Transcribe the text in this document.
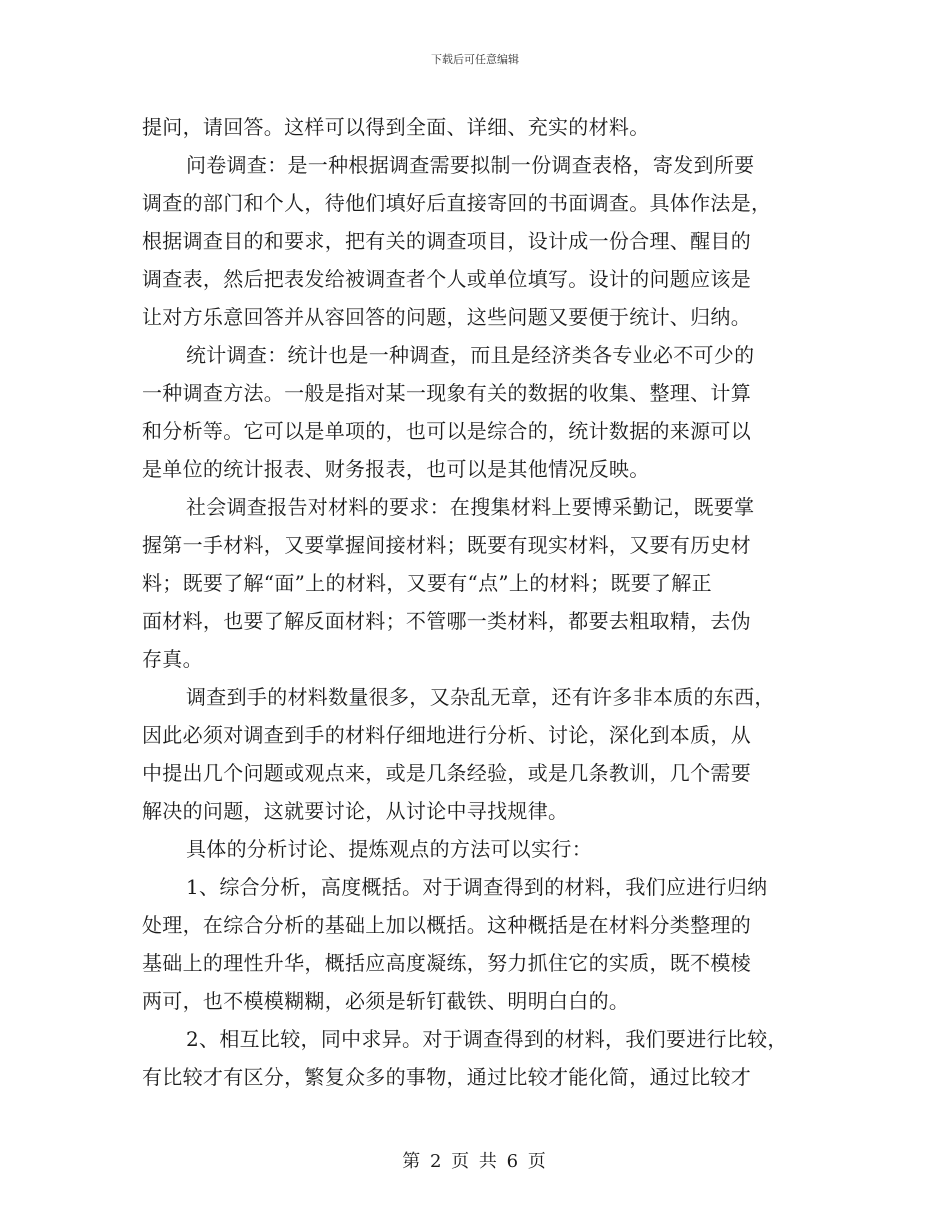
下载后可任意编辑
提问，请回答。这样可以得到全面、详细、充实的材料。
问卷调查：是一种根据调查需要拟制一份调查表格，寄发到所要
调查的部门和个人，待他们填好后直接寄回的书面调查。具体作法是，
根据调查目的和要求，把有关的调查项目，设计成一份合理、醒目的
调查表，然后把表发给被调查者个人或单位填写。设计的问题应该是
让对方乐意回答并从容回答的问题，这些问题又要便于统计、归纳。
统计调查：统计也是一种调查，而且是经济类各专业必不可少的
一种调查方法。一般是指对某一现象有关的数据的收集、整理、计算
和分析等。它可以是单项的，也可以是综合的，统计数据的来源可以
是单位的统计报表、财务报表，也可以是其他情况反映。
社会调查报告对材料的要求：在搜集材料上要博采勤记，既要掌
握第一手材料，又要掌握间接材料；既要有现实材料，又要有历史材
料；既要了解“面”上的材料，又要有“点”上的材料；既要了解正
面材料，也要了解反面材料；不管哪一类材料，都要去粗取精，去伪
存真。
调查到手的材料数量很多，又杂乱无章，还有许多非本质的东西，
因此必须对调查到手的材料仔细地进行分析、讨论，深化到本质，从
中提出几个问题或观点来，或是几条经验，或是几条教训，几个需要
解决的问题，这就要讨论，从讨论中寻找规律。
具体的分析讨论、提炼观点的方法可以实行：
1、综合分析，高度概括。对于调查得到的材料，我们应进行归纳
处理，在综合分析的基础上加以概括。这种概括是在材料分类整理的
基础上的理性升华，概括应高度凝练，努力抓住它的实质，既不模棱
两可，也不模模糊糊，必须是斩钉截铁、明明白白的。
2、相互比较，同中求异。对于调查得到的材料，我们要进行比较，
有比较才有区分，繁复众多的事物，通过比较才能化简，通过比较才
第 2 页 共 6 页
